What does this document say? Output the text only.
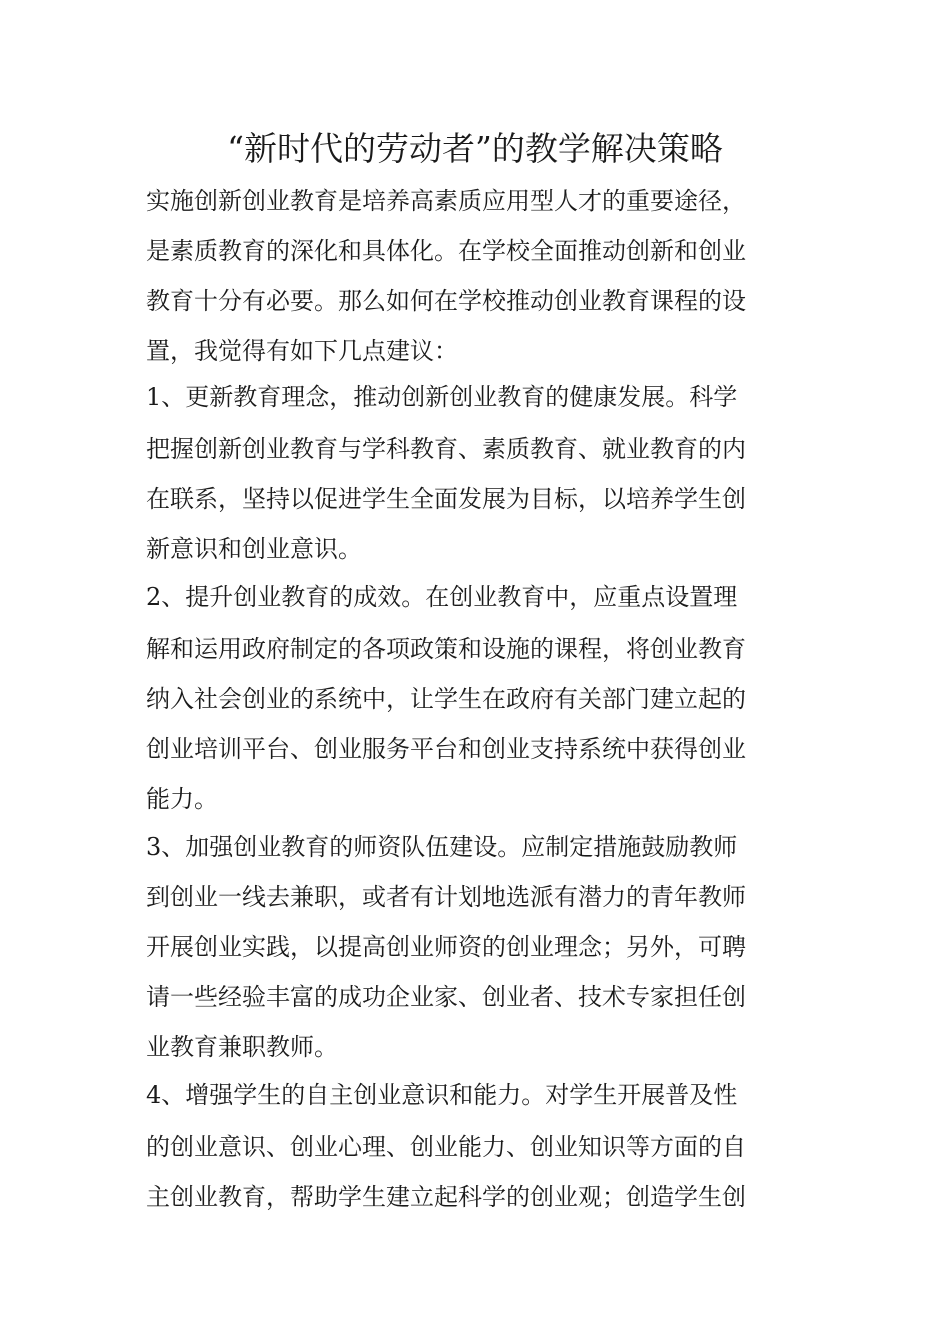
“新时代的劳动者”的教学解决策略

实施创新创业教育是培养高素质应用型人才的重要途径，

是素质教育的深化和具体化。在学校全面推动创新和创业

教育十分有必要。那么如何在学校推动创业教育课程的设

置，我觉得有如下几点建议：

1、更新教育理念，推动创新创业教育的健康发展。科学

把握创新创业教育与学科教育、素质教育、就业教育的内

在联系，坚持以促进学生全面发展为目标，以培养学生创

新意识和创业意识。

2、提升创业教育的成效。在创业教育中，应重点设置理

解和运用政府制定的各项政策和设施的课程，将创业教育

纳入社会创业的系统中，让学生在政府有关部门建立起的

创业培训平台、创业服务平台和创业支持系统中获得创业

能力。

3、加强创业教育的师资队伍建设。应制定措施鼓励教师

到创业一线去兼职，或者有计划地选派有潜力的青年教师

开展创业实践，以提高创业师资的创业理念；另外，可聘

请一些经验丰富的成功企业家、创业者、技术专家担任创

业教育兼职教师。

4、增强学生的自主创业意识和能力。对学生开展普及性

的创业意识、创业心理、创业能力、创业知识等方面的自

主创业教育，帮助学生建立起科学的创业观；创造学生创
